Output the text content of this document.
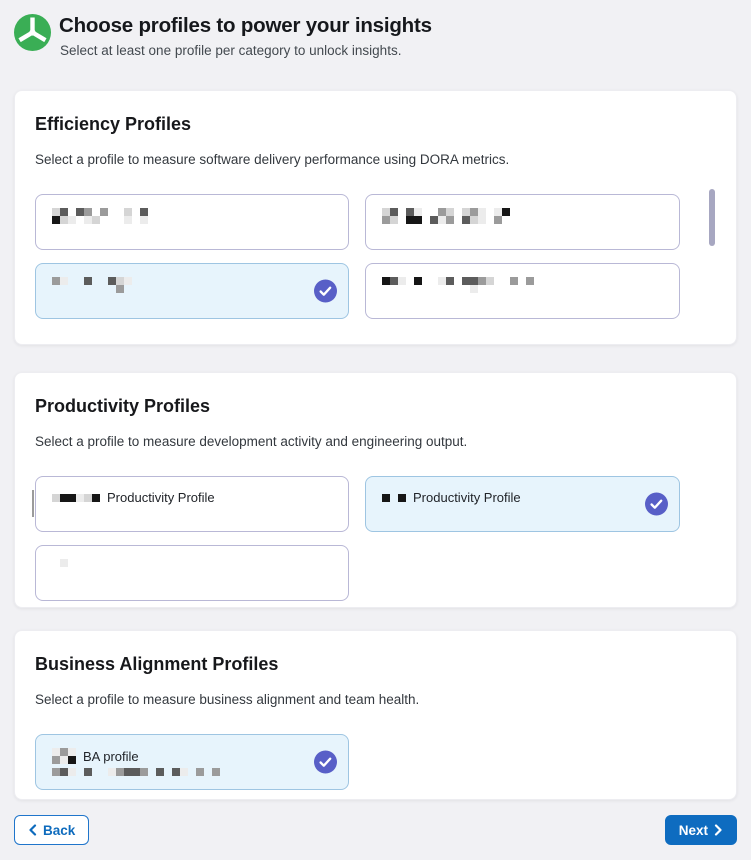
Choose profiles to power your insights

Select at least one profile per category to unlock insights.

Efficiency Profiles

Select a profile to measure software delivery performance using DORA metrics.

Productivity Profiles

Select a profile to measure development activity and engineering output.

Productivity Profile	Productivity Profile
Business Alignment Profiles

Select a profile to measure business alignment and team health.

BA profile
Back	Next
